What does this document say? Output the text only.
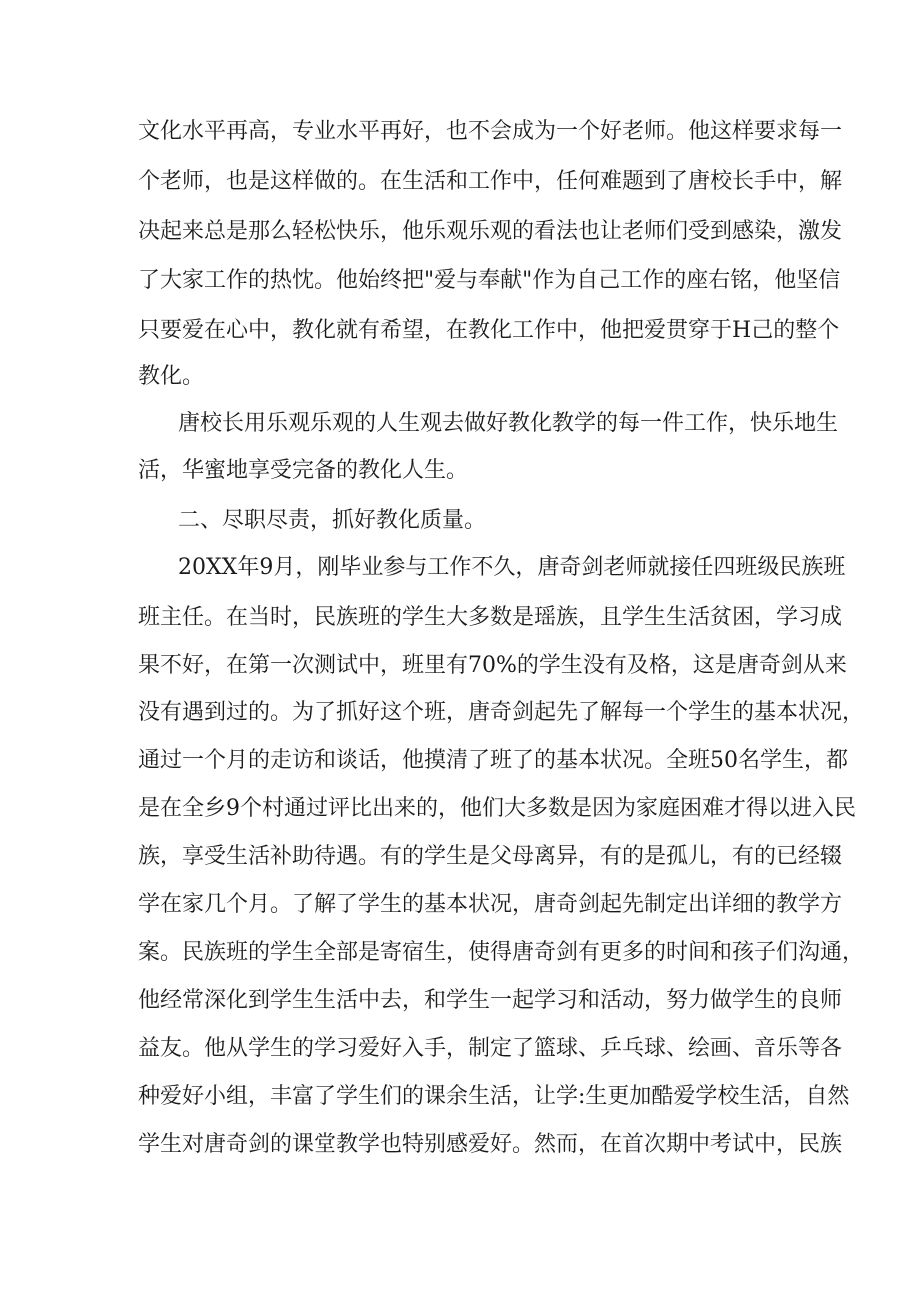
文化水平再高，专业水平再好，也不会成为一个好老师。他这样要求每一
个老师，也是这样做的。在生活和工作中，任何难题到了唐校长手中，解
决起来总是那么轻松快乐，他乐观乐观的看法也让老师们受到感染，激发
了大家工作的热忱。他始终把"爱与奉献"作为自己工作的座右铭，他坚信
只要爱在心中，教化就有希望，在教化工作中，他把爱贯穿于H己的整个
教化。
唐校长用乐观乐观的人生观去做好教化教学的每一件工作，快乐地生
活，华蜜地享受完备的教化人生。
二、尽职尽责，抓好教化质量。
20XX年9月，刚毕业参与工作不久，唐奇剑老师就接任四班级民族班
班主任。在当时，民族班的学生大多数是瑶族，且学生生活贫困，学习成
果不好，在第一次测试中，班里有70%的学生没有及格，这是唐奇剑从来
没有遇到过的。为了抓好这个班，唐奇剑起先了解每一个学生的基本状况，
通过一个月的走访和谈话，他摸清了班了的基本状况。全班50名学生，都
是在全乡9个村通过评比出来的，他们大多数是因为家庭困难才得以进入民
族，享受生活补助待遇。有的学生是父母离异，有的是孤儿，有的已经辍
学在家几个月。了解了学生的基本状况，唐奇剑起先制定出详细的教学方
案。民族班的学生全部是寄宿生，使得唐奇剑有更多的时间和孩子们沟通，
他经常深化到学生生活中去，和学生一起学习和活动，努力做学生的良师
益友。他从学生的学习爱好入手，制定了篮球、乒乓球、绘画、音乐等各
种爱好小组，丰富了学生们的课余生活，让学:生更加酷爱学校生活，自然
学生对唐奇剑的课堂教学也特别感爱好。然而，在首次期中考试中，民族
